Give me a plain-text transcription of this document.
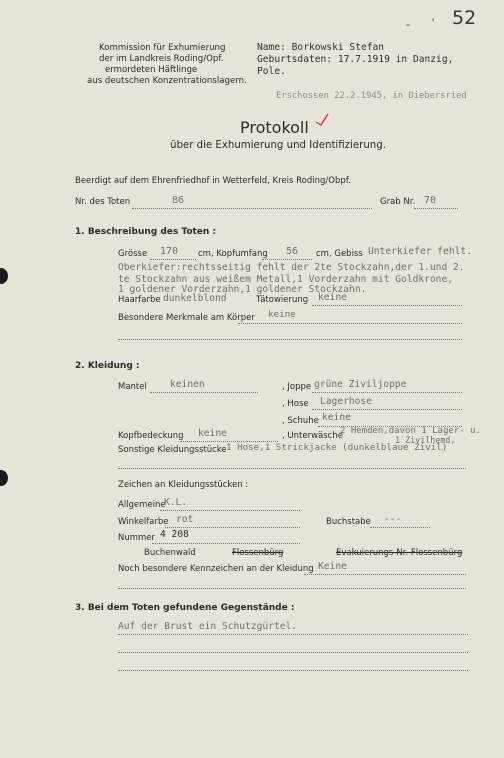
- ' 52
Kommission für Exhumierung
der im Landkreis Roding/Opf.
ermordeten Häftlinge
aus deutschen Konzentrationslagern.
Name: Borkowski Stefan
Geburtsdaten: 17.7.1919 in Danzig,
Pole.
Erschossen 22.2.1945, in Diebersried
Protokoll
über die Exhumierung und Identifizierung.
Beerdigt auf dem Ehrenfriedhof in Wetterfeld, Kreis Roding/Obpf.
Nr. des Toten	86	Grab Nr. 70
1. Beschreibung des Toten :
Grösse 170 cm, Kopfumfang 56 cm, Gebiss Unterkiefer fehlt.
Oberkiefer:rechtsseitig fehlt der 2te Stockzahn,der 1.und 2.
te Stockzahn aus weißem Metall,1 Vorderzahn mit Goldkrone,
1 goldener Vorderzahn,1 goldener Stockzahn.
Haarfarbe dunkelblond	Tätowierung keine
Besondere Merkmale am Körper keine
2. Kleidung :
Mantel keinen	, Joppe grüne Ziviljoppe
, Hose Lagerhose
, Schuhe keine
Kopfbedeckung keine	, Unterwäsche
2 Hemden,davon 1 Lager- u.
1 Zivilhemd,
Sonstige Kleidungsstücke 1 Hose,1 Strickjacke (dunkelblaue Zivil)
Zeichen an Kleidungsstücken :
Allgemeine
K.L.
Winkelfarbe rot	Buchstabe ---
Nummer 4 208
Buchenwald	Flossenbürg	Evakuierungs-Nr. Flossenbürg
Noch besondere Kennzeichen an der Kleidung Keine
3. Bei dem Toten gefundene Gegenstände :
Auf der Brust ein Schutzgürtel.
